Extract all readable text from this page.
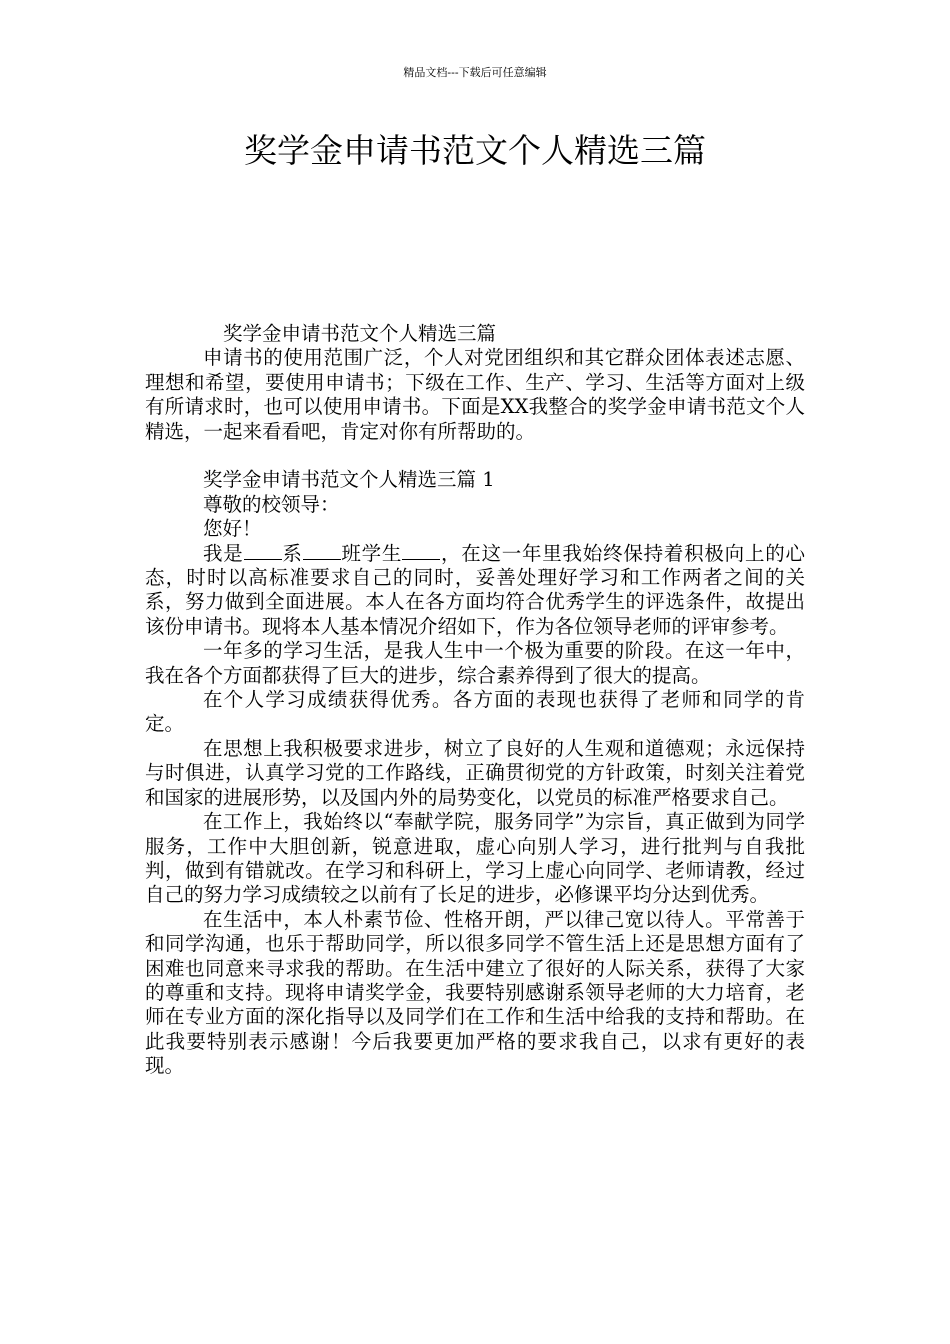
精品文档---下载后可任意编辑
奖学金申请书范文个人精选三篇
奖学金申请书范文个人精选三篇

申请书的使用范围广泛，个人对党团组织和其它群众团体表述志愿、理想和希望，要使用申请书；下级在工作、生产、学习、生活等方面对上级有所请求时，也可以使用申请书。下面是XX我整合的奖学金申请书范文个人精选，一起来看看吧，肯定对你有所帮助的。

奖学金申请书范文个人精选三篇 1

尊敬的校领导：

您好！

我是 系 班学生 ，在这一年里我始终保持着积极向上的心态，时时以高标准要求自己的同时，妥善处理好学习和工作两者之间的关系，努力做到全面进展。本人在各方面均符合优秀学生的评选条件，故提出该份申请书。现将本人基本情况介绍如下，作为各位领导老师的评审参考。

一年多的学习生活，是我人生中一个极为重要的阶段。在这一年中，我在各个方面都获得了巨大的进步，综合素养得到了很大的提高。

在个人学习成绩获得优秀。各方面的表现也获得了老师和同学的肯定。

在思想上我积极要求进步，树立了良好的人生观和道德观；永远保持与时俱进，认真学习党的工作路线，正确贯彻党的方针政策，时刻关注着党和国家的进展形势，以及国内外的局势变化，以党员的标准严格要求自己。

在工作上，我始终以“奉献学院，服务同学”为宗旨，真正做到为同学服务，工作中大胆创新，锐意进取，虚心向别人学习，进行批判与自我批判，做到有错就改。在学习和科研上，学习上虚心向同学、老师请教，经过自己的努力学习成绩较之以前有了长足的进步，必修课平均分达到优秀。

在生活中，本人朴素节俭、性格开朗，严以律己宽以待人。平常善于和同学沟通，也乐于帮助同学，所以很多同学不管生活上还是思想方面有了困难也同意来寻求我的帮助。在生活中建立了很好的人际关系，获得了大家的尊重和支持。现将申请奖学金，我要特别感谢系领导老师的大力培育，老师在专业方面的深化指导以及同学们在工作和生活中给我的支持和帮助。在此我要特别表示感谢！今后我要更加严格的要求我自己，以求有更好的表现。
